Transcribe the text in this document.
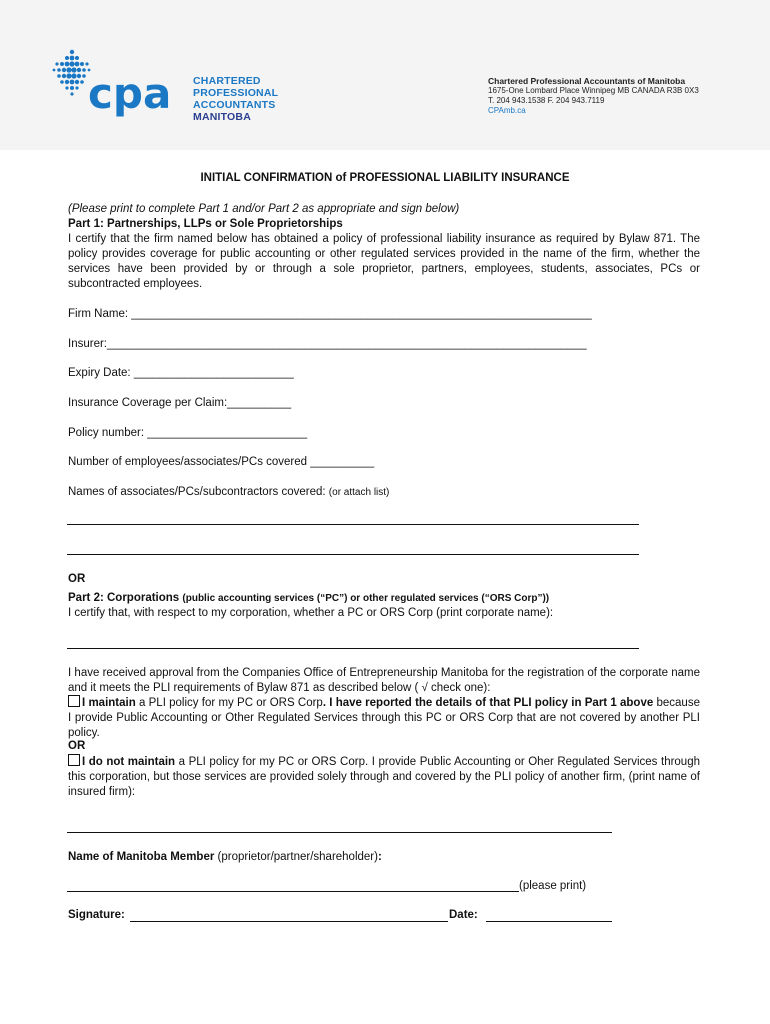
cpa CHARTERED
PROFESSIONAL
ACCOUNTANTS
MANITOBA
Chartered Professional Accountants of Manitoba
1675-One Lombard Place Winnipeg MB CANADA R3B 0X3
T. 204 943.1538 F. 204 943.7119
CPAmb.ca
INITIAL CONFIRMATION of PROFESSIONAL LIABILITY INSURANCE
(Please print to complete Part 1 and/or Part 2 as appropriate and sign below)
Part 1: Partnerships, LLPs or Sole Proprietorships
I certify that the firm named below has obtained a policy of professional liability insurance as required by Bylaw 871. The policy provides coverage for public accounting or other regulated services provided in the name of the firm, whether the services have been provided by or through a sole proprietor, partners, employees, students, associates, PCs or subcontracted employees.
Firm Name: ________________________________________________________________________
Insurer:___________________________________________________________________________
Expiry Date: _________________________
Insurance Coverage per Claim:__________
Policy number: _________________________
Number of employees/associates/PCs covered __________
Names of associates/PCs/subcontractors covered: (or attach list)
OR
Part 2: Corporations (public accounting services (“PC”) or other regulated services (“ORS Corp”))
I certify that, with respect to my corporation, whether a PC or ORS Corp (print corporate name):
I have received approval from the Companies Office of Entrepreneurship Manitoba for the registration of the corporate name and it meets the PLI requirements of Bylaw 871 as described below ( √ check one):
I maintain a PLI policy for my PC or ORS Corp. I have reported the details of that PLI policy in Part 1 above because I provide Public Accounting or Other Regulated Services through this PC or ORS Corp that are not covered by another PLI policy.
OR
I do not maintain a PLI policy for my PC or ORS Corp. I provide Public Accounting or Oher Regulated Services through this corporation, but those services are provided solely through and covered by the PLI policy of another firm, (print name of insured firm):
Name of Manitoba Member (proprietor/partner/shareholder):
(please print)
Signature:	Date:
